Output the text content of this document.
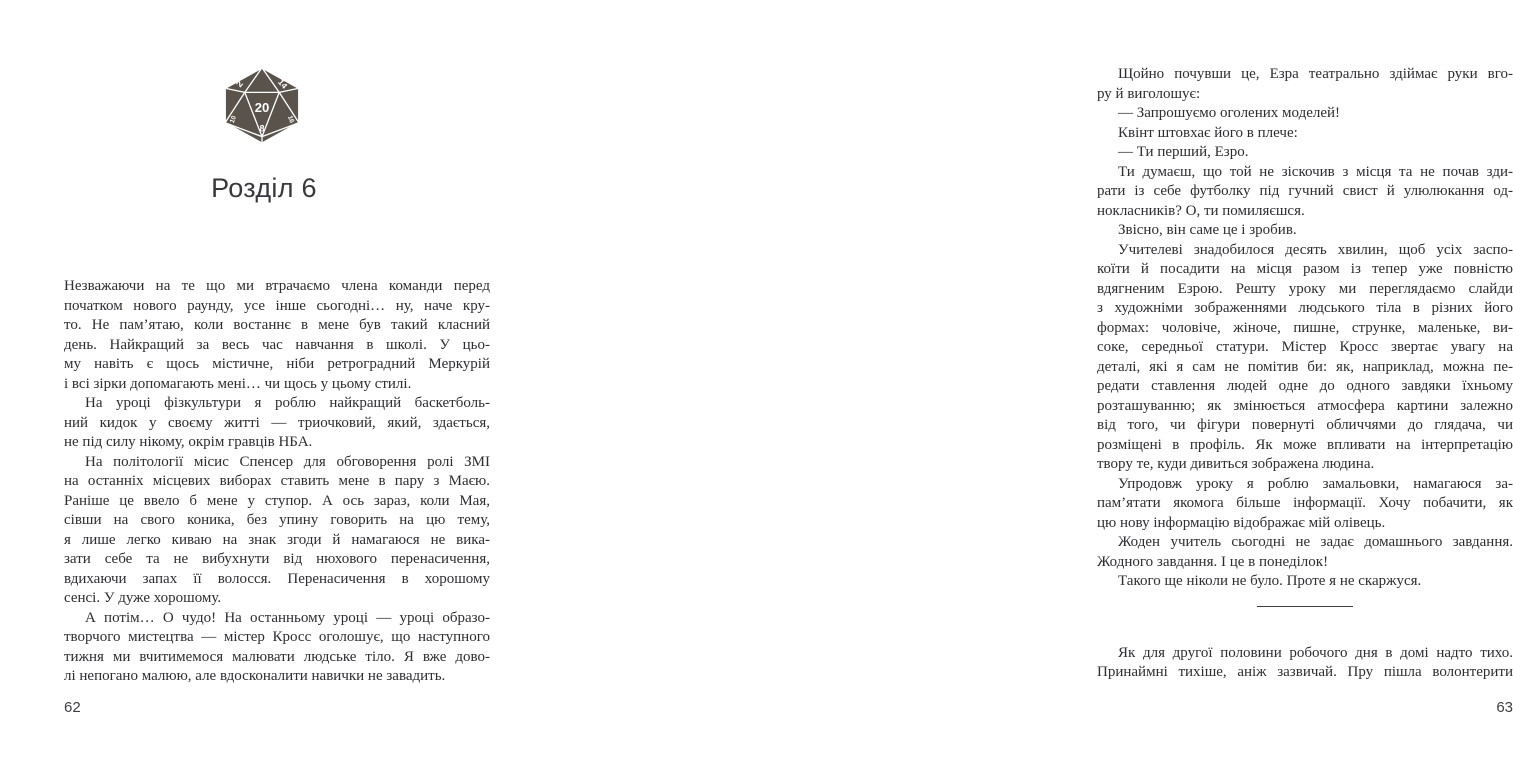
20
8
2	14
10	16
Розділ 6
Незважаючи на те що ми втрачаємо члена команди перед
початком нового раунду, усе інше сьогодні… ну, наче кру-
то. Не пам’ятаю, коли востаннє в мене був такий класний
день. Найкращий за весь час навчання в школі. У цьо-
му навіть є щось містичне, ніби ретроградний Меркурій
і всі зірки допомагають мені… чи щось у цьому стилі.
На уроці фізкультури я роблю найкращий баскетболь-
ний кидок у своєму житті — триочковий, який, здається,
не під силу нікому, окрім гравців НБА.
На політології місис Спенсер для обговорення ролі ЗМІ
на останніх місцевих виборах ставить мене в пару з Маєю.
Раніше це ввело б мене у ступор. А ось зараз, коли Мая,
сівши на свого коника, без упину говорить на цю тему,
я лише легко киваю на знак згоди й намагаюся не вика-
зати себе та не вибухнути від нюхового перенасичення,
вдихаючи запах її волосся. Перенасичення в хорошому
сенсі. У дуже хорошому.
А потім… О чудо! На останньому уроці — уроці образо-
творчого мистецтва — містер Кросс оголошує, що наступного
тижня ми вчитимемося малювати людське тіло. Я вже дово-
лі непогано малюю, але вдосконалити навички не завадить.
62
Щойно почувши це, Езра театрально здіймає руки вго-
ру й виголошує:
— Запрошуємо оголених моделей!
Квінт штовхає його в плече:
— Ти перший, Езро.
Ти думаєш, що той не зіскочив з місця та не почав зди-
рати із себе футболку під гучний свист й улюлюкання од-
нокласників? О, ти помиляєшся.
Звісно, він саме це і зробив.
Учителеві знадобилося десять хвилин, щоб усіх заспо-
коїти й посадити на місця разом із тепер уже повністю
вдягненим Езрою. Решту уроку ми переглядаємо слайди
з художніми зображеннями людського тіла в різних його
формах: чоловіче, жіноче, пишне, струнке, маленьке, ви-
соке, середньої статури. Містер Кросс звертає увагу на
деталі, які я сам не помітив би: як, наприклад, можна пе-
редати ставлення людей одне до одного завдяки їхньому
розташуванню; як змінюється атмосфера картини залежно
від того, чи фігури повернуті обличчями до глядача, чи
розміщені в профіль. Як може впливати на інтерпретацію
твору те, куди дивиться зображена людина.
Упродовж уроку я роблю замальовки, намагаюся за-
пам’ятати якомога більше інформації. Хочу побачити, як
цю нову інформацію відображає мій олівець.
Жоден учитель сьогодні не задає домашнього завдання.
Жодного завдання. І це в понеділок!
Такого ще ніколи не було. Проте я не скаржуся.
Як для другої половини робочого дня в домі надто тихо.
Принаймні тихіше, аніж зазвичай. Пру пішла волонтерити
63
